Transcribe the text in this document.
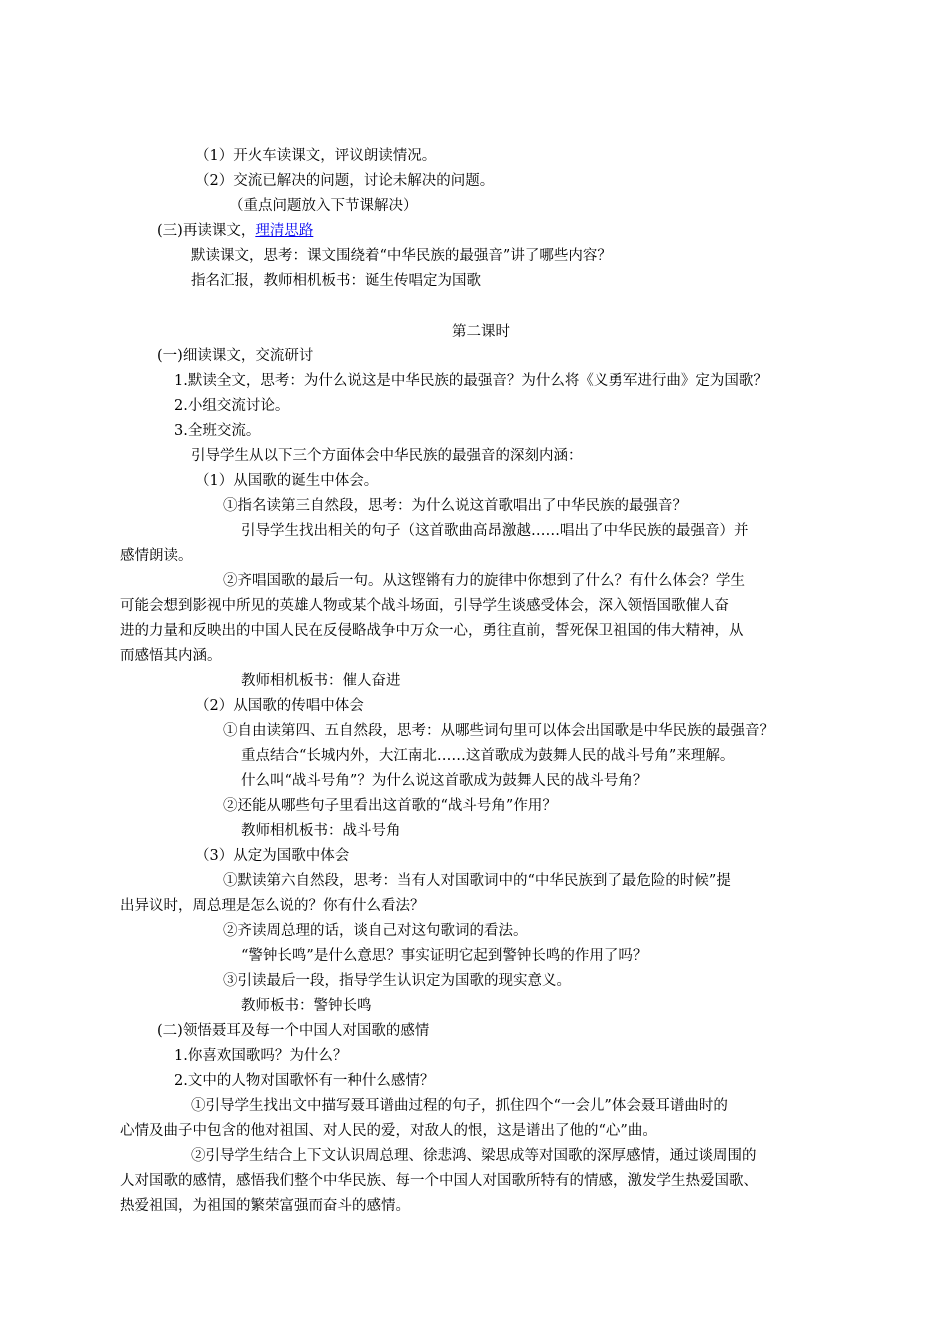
（1）开火车读课文，评议朗读情况。
（2）交流已解决的问题，讨论未解决的问题。
（重点问题放入下节课解决）
(三)再读课文，理清思路
默读课文，思考：课文围绕着“中华民族的最强音”讲了哪些内容？
指名汇报，教师相机板书：诞生传唱定为国歌
第二课时
(一)细读课文，交流研讨
1.默读全文，思考：为什么说这是中华民族的最强音？为什么将《义勇军进行曲》定为国歌？
2.小组交流讨论。
3.全班交流。
引导学生从以下三个方面体会中华民族的最强音的深刻内涵：
（1）从国歌的诞生中体会。
①指名读第三自然段，思考：为什么说这首歌唱出了中华民族的最强音？
引导学生找出相关的句子（这首歌曲高昂激越……唱出了中华民族的最强音）并
感情朗读。
②齐唱国歌的最后一句。从这铿锵有力的旋律中你想到了什么？有什么体会？学生
可能会想到影视中所见的英雄人物或某个战斗场面，引导学生谈感受体会，深入领悟国歌催人奋
进的力量和反映出的中国人民在反侵略战争中万众一心，勇往直前，誓死保卫祖国的伟大精神，从
而感悟其内涵。
教师相机板书：催人奋进
（2）从国歌的传唱中体会
①自由读第四、五自然段，思考：从哪些词句里可以体会出国歌是中华民族的最强音？
重点结合“长城内外，大江南北……这首歌成为鼓舞人民的战斗号角”来理解。
什么叫“战斗号角”？为什么说这首歌成为鼓舞人民的战斗号角？
②还能从哪些句子里看出这首歌的“战斗号角”作用？
教师相机板书：战斗号角
（3）从定为国歌中体会
①默读第六自然段，思考：当有人对国歌词中的“中华民族到了最危险的时候”提
出异议时，周总理是怎么说的？你有什么看法？
②齐读周总理的话，谈自己对这句歌词的看法。
“警钟长鸣”是什么意思？事实证明它起到警钟长鸣的作用了吗？
③引读最后一段，指导学生认识定为国歌的现实意义。
教师板书：警钟长鸣
(二)领悟聂耳及每一个中国人对国歌的感情
1.你喜欢国歌吗？为什么？
2.文中的人物对国歌怀有一种什么感情？
①引导学生找出文中描写聂耳谱曲过程的句子，抓住四个“一会儿”体会聂耳谱曲时的
心情及曲子中包含的他对祖国、对人民的爱，对敌人的恨，这是谱出了他的“心”曲。
②引导学生结合上下文认识周总理、徐悲鸿、梁思成等对国歌的深厚感情，通过谈周围的
人对国歌的感情，感悟我们整个中华民族、每一个中国人对国歌所特有的情感，激发学生热爱国歌、
热爱祖国，为祖国的繁荣富强而奋斗的感情。
